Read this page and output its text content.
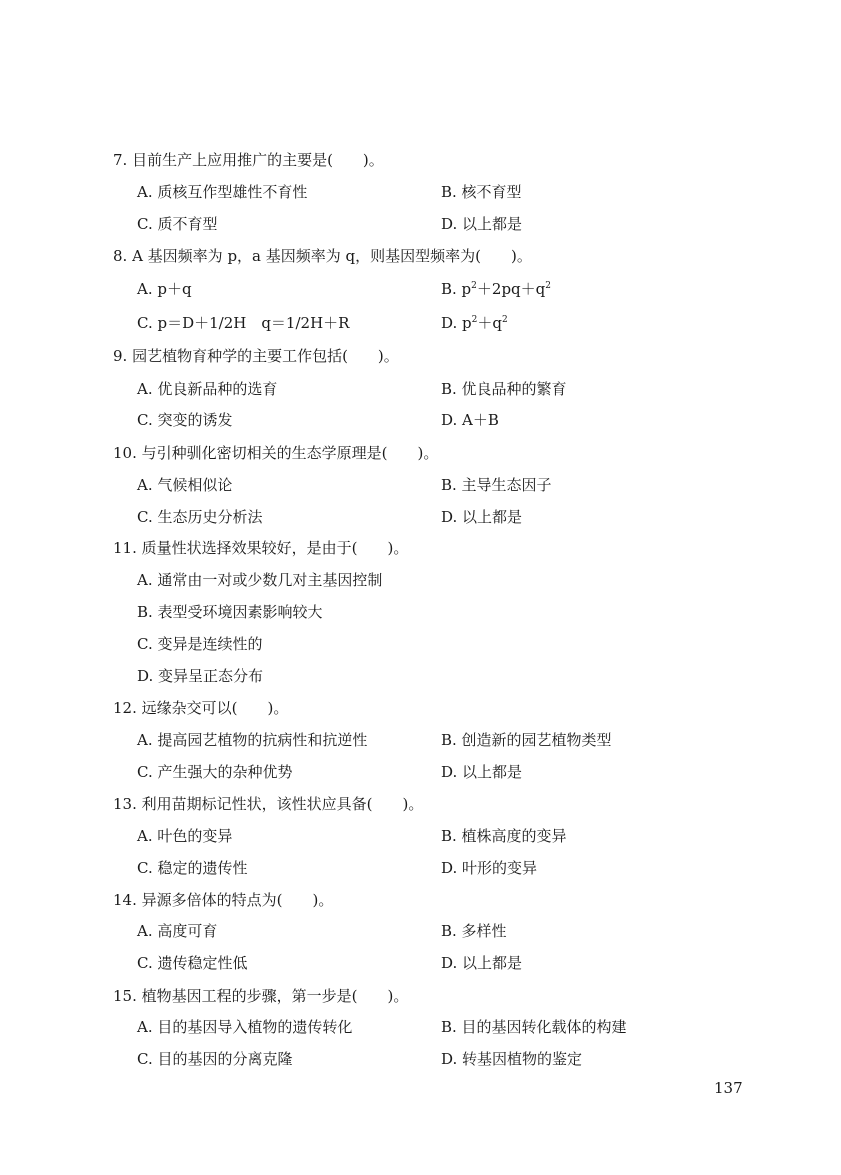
7. 目前生产上应用推广的主要是(　　)。
A. 质核互作型雄性不育性	B. 核不育型
C. 质不育型	D. 以上都是
8. A 基因频率为 p，a 基因频率为 q，则基因型频率为(　　)。
A. p＋q	B. $p^2+2pq+q^2$
C. p＝D＋1/2H　q＝1/2H＋R	D. $p^2+q^2$
9. 园艺植物育种学的主要工作包括(　　)。
A. 优良新品种的选育	B. 优良品种的繁育
C. 突变的诱发	D. A＋B
10. 与引种驯化密切相关的生态学原理是(　　)。
A. 气候相似论	B. 主导生态因子
C. 生态历史分析法	D. 以上都是
11. 质量性状选择效果较好，是由于(　　)。
A. 通常由一对或少数几对主基因控制
B. 表型受环境因素影响较大
C. 变异是连续性的
D. 变异呈正态分布
12. 远缘杂交可以(　　)。
A. 提高园艺植物的抗病性和抗逆性	B. 创造新的园艺植物类型
C. 产生强大的杂种优势	D. 以上都是
13. 利用苗期标记性状，该性状应具备(　　)。
A. 叶色的变异	B. 植株高度的变异
C. 稳定的遗传性	D. 叶形的变异
14. 异源多倍体的特点为(　　)。
A. 高度可育	B. 多样性
C. 遗传稳定性低	D. 以上都是
15. 植物基因工程的步骤，第一步是(　　)。
A. 目的基因导入植物的遗传转化	B. 目的基因转化载体的构建
C. 目的基因的分离克隆	D. 转基因植物的鉴定
137
